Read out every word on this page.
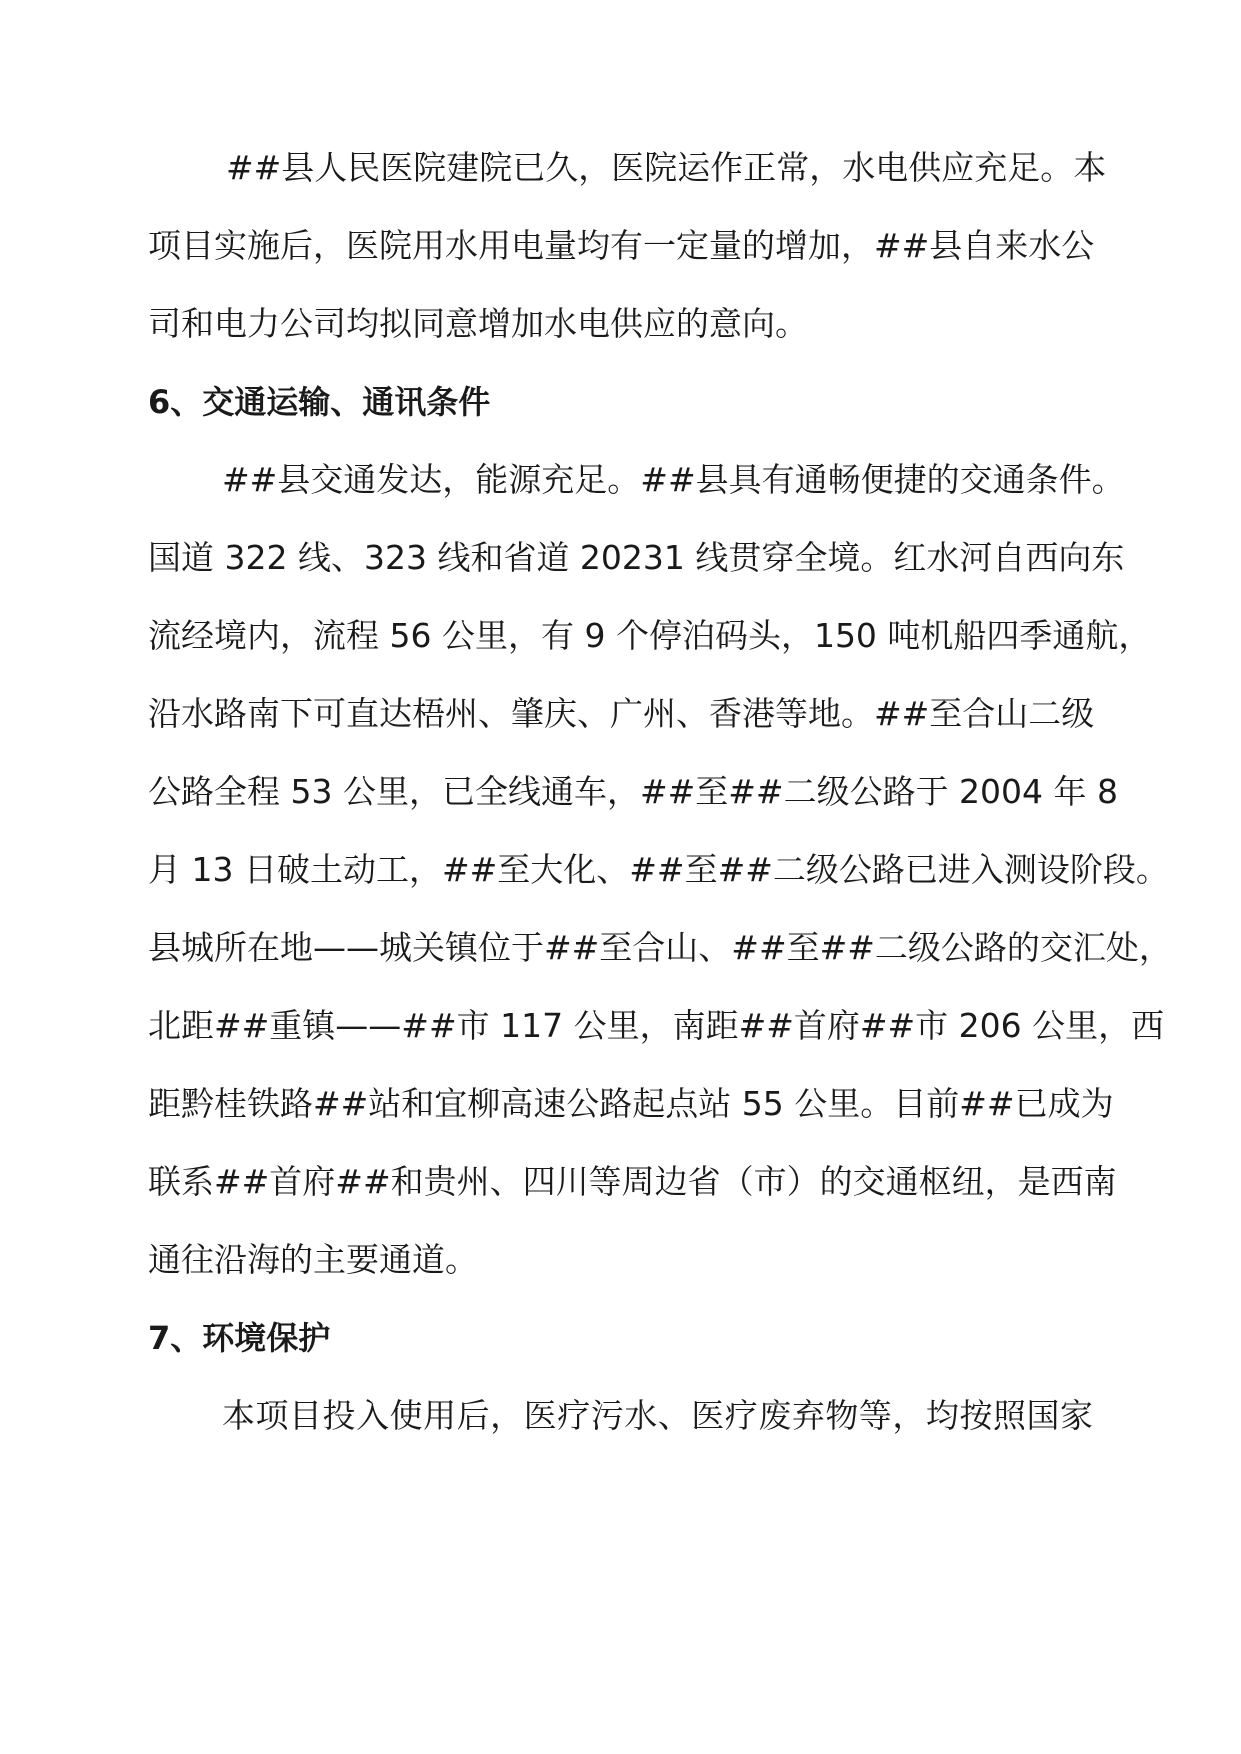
##县人民医院建院已久，医院运作正常，水电供应充足。本
项目实施后，医院用水用电量均有一定量的增加，##县自来水公
司和电力公司均拟同意增加水电供应的意向。
6、交通运输、通讯条件
##县交通发达，能源充足。##县具有通畅便捷的交通条件。
国道 322 线、323 线和省道 20231 线贯穿全境。红水河自西向东
流经境内，流程 56 公里，有 9 个停泊码头，150 吨机船四季通航，
沿水路南下可直达梧州、肇庆、广州、香港等地。##至合山二级
公路全程 53 公里，已全线通车，##至##二级公路于 2004 年 8
月 13 日破土动工，##至大化、##至##二级公路已进入测设阶段。
县城所在地——城关镇位于##至合山、##至##二级公路的交汇处，
北距##重镇——##市 117 公里，南距##首府##市 206 公里，西
距黔桂铁路##站和宜柳高速公路起点站 55 公里。目前##已成为
联系##首府##和贵州、四川等周边省（市）的交通枢纽，是西南
通往沿海的主要通道。
7、环境保护
本项目投入使用后，医疗污水、医疗废弃物等，均按照国家
